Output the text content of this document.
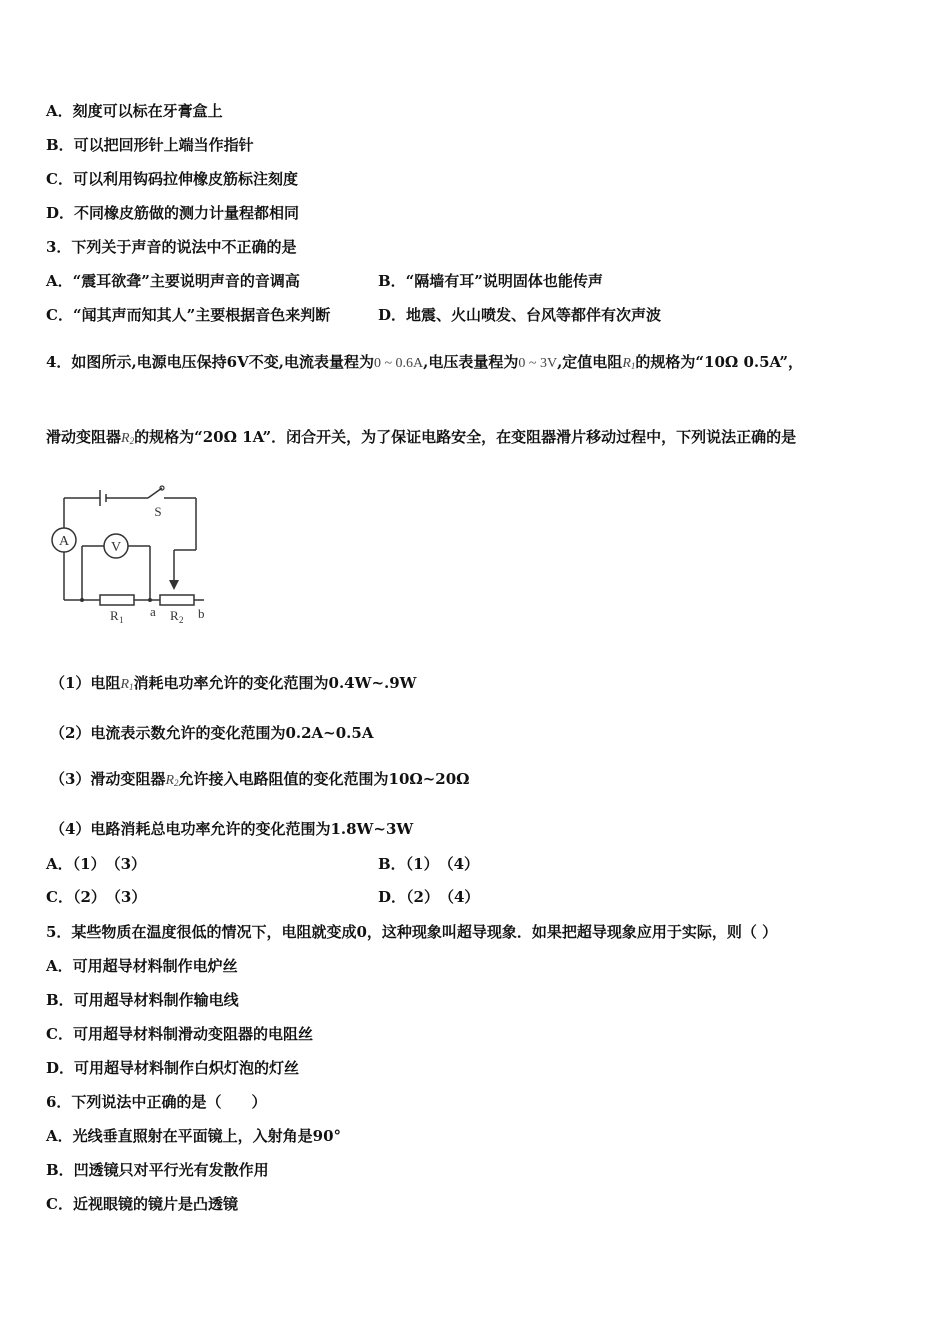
A．刻度可以标在牙膏盒上
B．可以把回形针上端当作指针
C．可以利用钩码拉伸橡皮筋标注刻度
D．不同橡皮筋做的测力计量程都相同
3．下列关于声音的说法中不正确的是
A．“震耳欲聋”主要说明声音的音调高	B．“隔墙有耳”说明固体也能传声
C．“闻其声而知其人”主要根据音色来判断	D．地震、火山喷发、台风等都伴有次声波
4．如图所示,电源电压保持6V不变,电流表量程为0 ~ 0.6A,电压表量程为0 ~ 3V,定值电阻$R_1$的规格为“10Ω 0.5A”，
滑动变阻器$R_2$的规格为“20Ω 1A”．闭合开关，为了保证电路安全，在变阻器滑片移动过程中，下列说法正确的是
A	V
S
R 1
a R 2 b
（1）电阻$R_1$消耗电功率允许的变化范围为0.4W~.9W
（2）电流表示数允许的变化范围为0.2A~0.5A
（3）滑动变阻器$R_2$允许接入电路阻值的变化范围为10Ω~20Ω
（4）电路消耗总电功率允许的变化范围为1.8W~3W
A．（1）　（3）	B．（1）　（4）
C．（2）　（3）	D．（2）　（4）
5．某些物质在温度很低的情况下，电阻就变成0，这种现象叫超导现象．如果把超导现象应用于实际，则（ ）
A．可用超导材料制作电炉丝
B．可用超导材料制作输电线
C．可用超导材料制滑动变阻器的电阻丝
D．可用超导材料制作白炽灯泡的灯丝
6．下列说法中正确的是（　　）
A．光线垂直照射在平面镜上，入射角是90°
B．凹透镜只对平行光有发散作用
C．近视眼镜的镜片是凸透镜
